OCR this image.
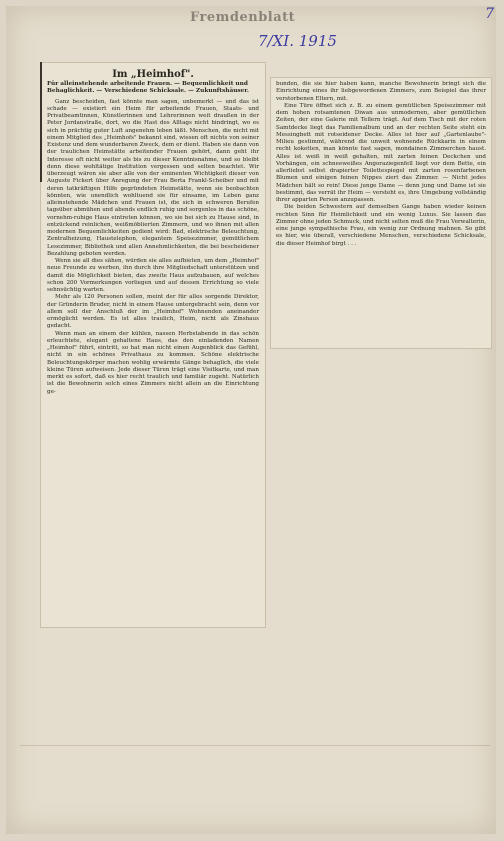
Fremdenblatt
7/XI. 1915
7
Im „Heimhof".
Für alleinstehende arbeitende Frauen. — Bequemlichkeit und Behaglichkeit. — Verschiedene Schicksale. — Zukunftshäuser.

Ganz bescheiden, fast könnte man sagen, unbemerkt — und das ist schade — existiert ein Heim für arbeitende Frauen, Staats- und Privatbeamtinnen, Künstlerinnen und Lehrerinnen weit draußen in der Peter Jordanstraße, dort, wo die Hast des Alltags nicht hindringt, wo es sich in prächtig guter Luft angenehm leben läßt. Menschen, die nicht mit einem Mitglied des „Heimhofs" bekannt sind, wissen oft nichts von seiner Existenz und dem wunderbaren Zweck, dem er dient. Haben sie dann von der traulichen Heimstätte arbeitender Frauen gehört, dann geht ihr Interesse oft nicht weiter als bis zu dieser Kenntnisnahme, und so bleibt denn diese wohltätige Institution vergessen und selten beachtet. Wir überzeugt wären sie aber alle von der eminenten Wichtigkeit dieser von Auguste Fickert über Anregung der Frau Berta Frankl-Scheiber und mit deren tatkräftigen Hilfe gegründeten Heimstätte, wenn sie beobachten könnten, wie unendlich wohltuend sie für einsame, im Leben ganz alleinstehende Mädchen und Frauen ist, die sich in schweren Berufen tagsüber abmühen und abends endlich ruhig und sorgenlos in das schöne, vornehm-ruhige Haus eintreten können, wo sie bei sich zu Hause sind, in entzückend reinlichen, weißmöblierten Zimmern, und wo ihnen mit allen modernen Bequemlichkeiten gedient wird: Bad, elektrische Beleuchtung, Zentralheizung, Haustelephon, elegantem Speisezimmer, gemütlichem Lesezimmer, Bibliothek und allen Annehmlichkeiten, die bei bescheidener Bezahlung geboten werden.

Wenn sie all dies sähen, würden sie alles aufbieten, um dem „Heimhof" neue Freunde zu werben, ihn durch ihre Mitgliedschaft unterstützen und damit die Möglichkeit bieten, das zweite Haus aufzubauen, auf welches schon 200 Vormerkungen vorliegen und auf dessen Errichtung so viele sehnsüchtig warten.

Mehr als 120 Personen sollen, meint der für alles sorgende Direktor, der Gründerin Bruder, nicht in einem Hause untergebracht sein, denn vor allem soll der Anschluß der im „Heimhof" Wohnenden aneinander ermöglicht werden. Es ist alles traulich, Heim, nicht als Zinshaus gedacht.

Wenn man an einem der kühlen, nassen Herbstabende in das schön erleuchtete, elegant gehaltene Haus, das den einladenden Namen „Heimhof" führt, eintritt, so hat man nicht einen Augenblick das Gefühl, nicht in ein schönes Privathaus zu kommen. Schöne elektrische Beleuchtungskörper machen wohlig erwärmte Gänge behaglich, die viele kleine Türen aufweisen. Jede dieser Türen trägt eine Visitkarte, und man merkt es sofort, daß es hier recht traulich und familiär zugeht. Natürlich ist die Bewohnerin solch eines Zimmers nicht allein an die Einrichtung ge-

bunden, die sie hier haben kann, manche Bewohnerin bringt sich die Einrichtung eines ihr liebgewordenen Zimmers, zum Beispiel das ihrer verstorbenen Eltern, mit.

Eine Türe öffnet sich z. B. zu einem gemütlichen Speisezimmer mit dem hohen rotsamtenen Diwan aus unmodernen, aber gemütlichen Zeiten, der eine Galerie mit Tellern trägt. Auf dem Tisch mit der roten Samtdecke liegt das Familienalbum und an der rechten Seite steht ein Messingbett mit rotseidener Decke. Alles ist hier auf „Gartenlaube"-Milieu gestimmt, während die unweit wohnende Rückkarin in einem recht koketten, man könnte fast sagen, mondainen Zimmerchen haust. Alles ist weiß in weiß gehalten, mit zarten feinen Deckchen und Vorhängen, ein schneeweißes Angoraziegenfell liegt vor dem Bette, ein allerliebst selbst drapierter Toilettespiegel mit zarten rosenfarbenen Blumen und einigen feinen Nippes ziert das Zimmer. — Nicht jedes Mädchen hält so rein! Diese junge Dame — denn jung und Dame ist sie bestimmt, das verrät ihr Heim — versteht es, ihre Umgebung vollständig ihrer apparten Person anzupassen.

Die beiden Schwestern auf demselben Gange haben wieder keinen rechten Sinn für Heimlichkeit und ein wenig Luxus. Sie lassen das Zimmer ohne jeden Schmuck, und nicht selten muß die Frau Verwalterin, eine junge sympathische Frau, ein wenig zur Ordnung mahnen. So gibt es hier, wie überall, verschiedene Menschen, verschiedene Schicksale, die dieser Heimhof birgt . . .
